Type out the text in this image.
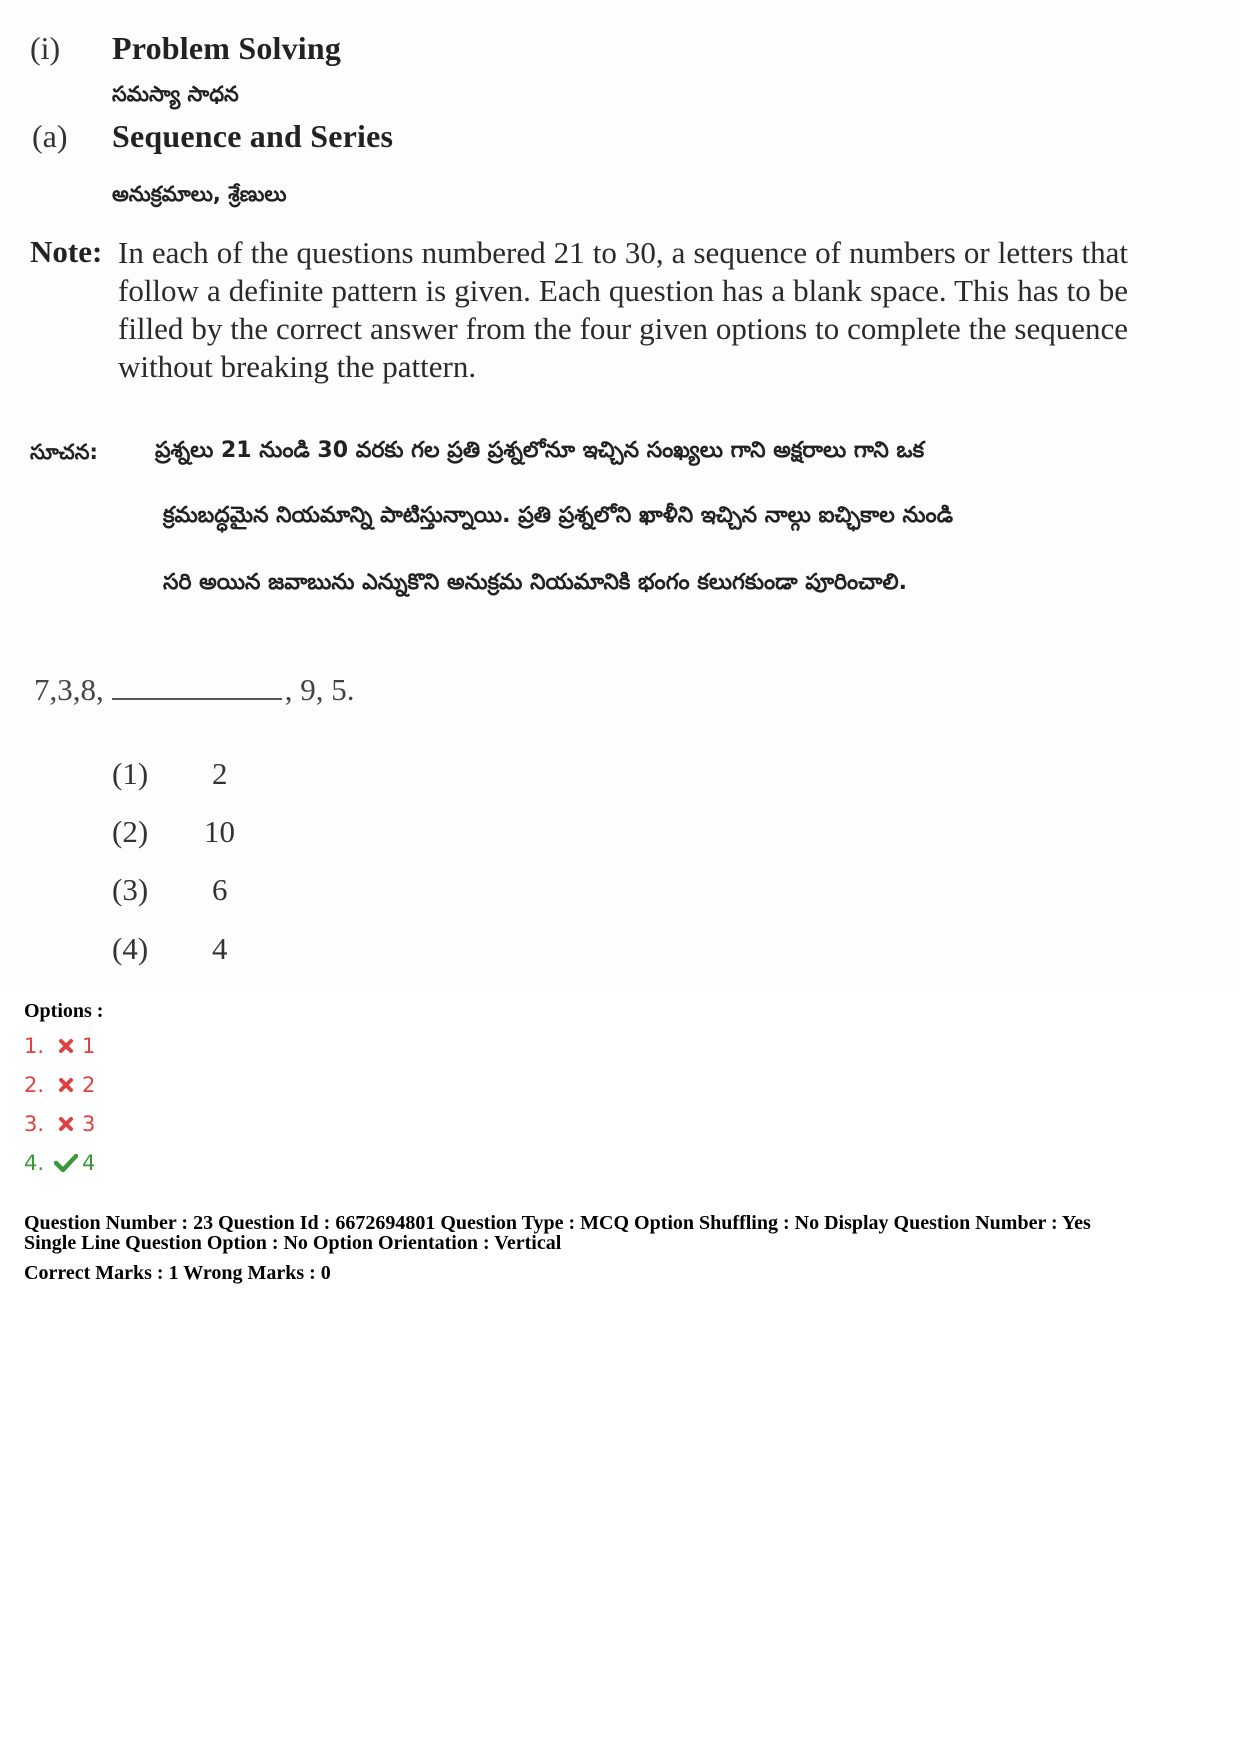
(i) Problem Solving
సమస్యా సాధన
(a) Sequence and Series
అనుక్రమాలు, శ్రేణులు
Note: In each of the questions numbered 21 to 30, a sequence of numbers or letters that follow a definite pattern is given. Each question has a blank space. This has to be filled by the correct answer from the four given options to complete the sequence without breaking the pattern.
సూచన:	ప్రశ్నలు 21 నుండి 30 వరకు గల ప్రతి ప్రశ్నలోనూ ఇచ్చిన సంఖ్యలు గాని అక్షరాలు గాని ఒక
క్రమబద్ధమైన నియమాన్ని పాటిస్తున్నాయి. ప్రతి ప్రశ్నలోని ఖాళీని ఇచ్చిన నాల్గు ఐచ్ఛికాల నుండి
సరి అయిన జవాబును ఎన్నుకొని అనుక్రమ నియమానికి భంగం కలుగకుండా పూరించాలి.
7,3,8,	, 9, 5.
(1)	2
(2)	10
(3)	6
(4)	4
Options :
1. 1
2. 2
3. 3
4. 4
Question Number : 23 Question Id : 6672694801 Question Type : MCQ Option Shuffling : No Display Question Number : Yes
Single Line Question Option : No Option Orientation : Vertical
Correct Marks : 1 Wrong Marks : 0
